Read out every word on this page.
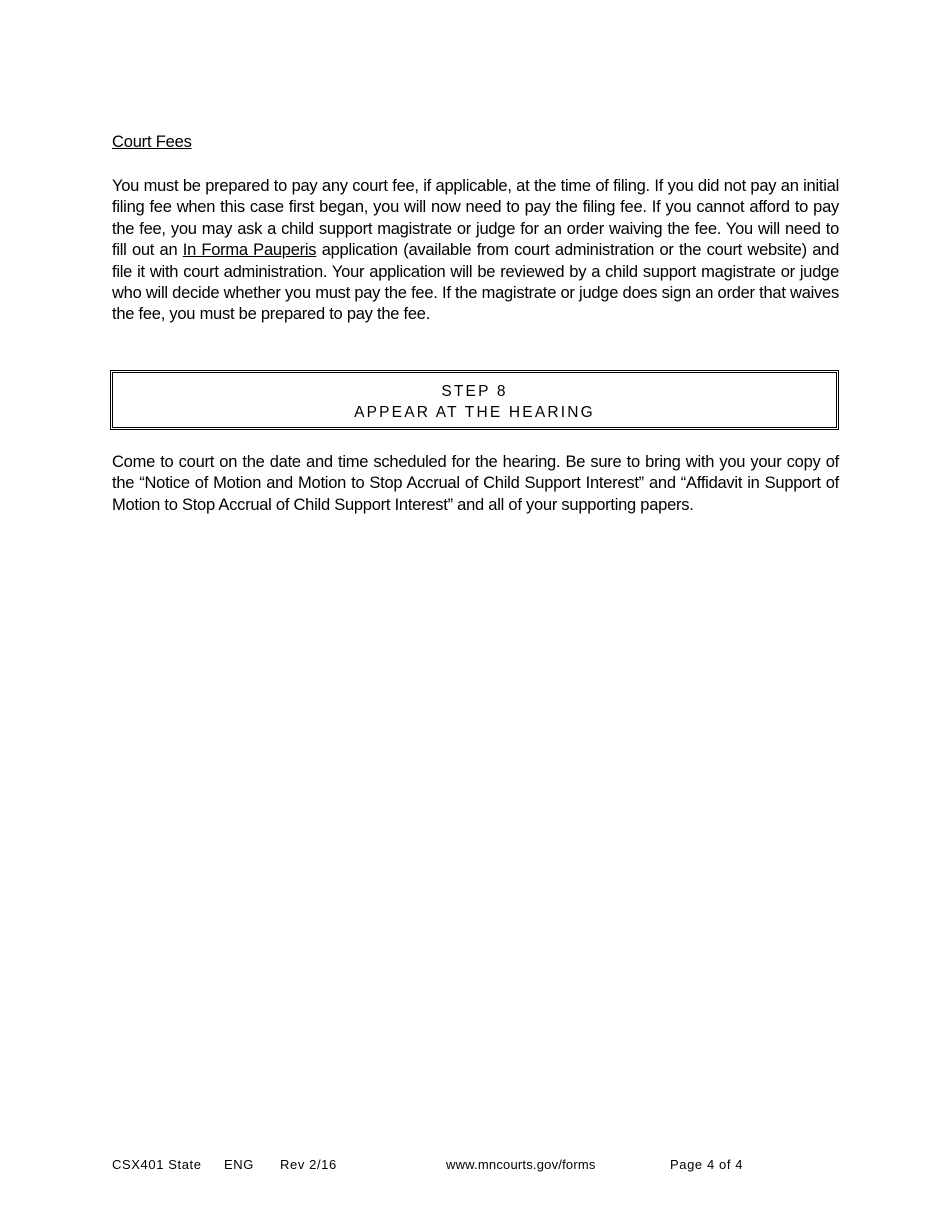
Court Fees

You must be prepared to pay any court fee, if applicable, at the time of filing. If you did not pay an initial filing fee when this case first began, you will now need to pay the filing fee. If you cannot afford to pay the fee, you may ask a child support magistrate or judge for an order waiving the fee. You will need to fill out an In Forma Pauperis application (available from court administration or the court website) and file it with court administration. Your application will be reviewed by a child support magistrate or judge who will decide whether you must pay the fee. If the magistrate or judge does sign an order that waives the fee, you must be prepared to pay the fee.

STEP 8
APPEAR AT THE HEARING

Come to court on the date and time scheduled for the hearing. Be sure to bring with you your copy of the “Notice of Motion and Motion to Stop Accrual of Child Support Interest” and “Affidavit in Support of Motion to Stop Accrual of Child Support Interest” and all of your supporting papers.

CSX401 State ENG Rev 2/16	www.mncourts.gov/forms	Page 4 of 4
